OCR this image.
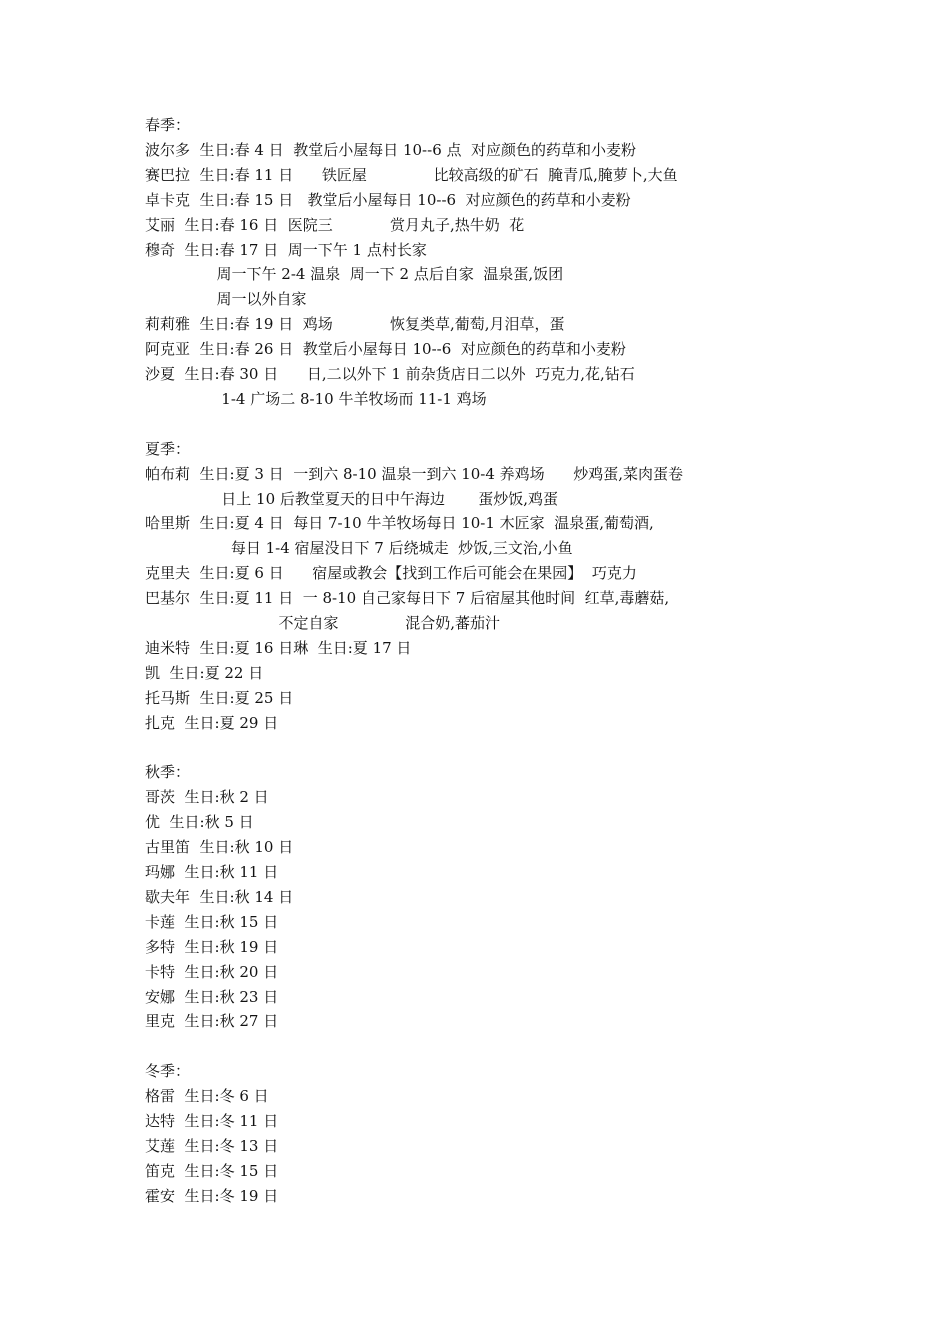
春季：
波尔多  生日:春 4 日  教堂后小屋每日 10--6 点  对应颜色的药草和小麦粉
赛巴拉  生日:春 11 日      铁匠屋              比较高级的矿石  腌青瓜,腌萝卜,大鱼
卓卡克  生日:春 15 日   教堂后小屋每日 10--6  对应颜色的药草和小麦粉
艾丽  生日:春 16 日  医院三            赏月丸子,热牛奶  花
穆奇  生日:春 17 日  周一下午 1 点村长家
周一下午 2-4 温泉  周一下 2 点后自家  温泉蛋,饭团
周一以外自家
莉莉雅  生日:春 19 日  鸡场            恢复类草,葡萄,月泪草，蛋
阿克亚  生日:春 26 日  教堂后小屋每日 10--6  对应颜色的药草和小麦粉
沙夏  生日:春 30 日      日,二以外下 1 前杂货店日二以外  巧克力,花,钻石
1-4 广场二 8-10 牛羊牧场而 11-1 鸡场
夏季：
帕布莉  生日:夏 3 日  一到六 8-10 温泉一到六 10-4 养鸡场      炒鸡蛋,菜肉蛋卷
日上 10 后教堂夏天的日中午海边       蛋炒饭,鸡蛋
哈里斯  生日:夏 4 日  每日 7-10 牛羊牧场每日 10-1 木匠家  温泉蛋,葡萄酒,
每日 1-4 宿屋没日下 7 后绕城走  炒饭,三文治,小鱼
克里夫  生日:夏 6 日      宿屋或教会【找到工作后可能会在果园】  巧克力
巴基尔  生日:夏 11 日  一 8-10 自己家每日下 7 后宿屋其他时间  红草,毒蘑菇,
不定自家              混合奶,蕃茄汁
迪米特  生日:夏 16 日琳  生日:夏 17 日
凯  生日:夏 22 日
托马斯  生日:夏 25 日
扎克  生日:夏 29 日
秋季：
哥茨  生日:秋 2 日
优  生日:秋 5 日
古里笛  生日:秋 10 日
玛娜  生日:秋 11 日
歇夫年  生日:秋 14 日
卡莲  生日:秋 15 日
多特  生日:秋 19 日
卡特  生日:秋 20 日
安娜  生日:秋 23 日
里克  生日:秋 27 日
冬季：
格雷  生日:冬 6 日
达特  生日:冬 11 日
艾莲  生日:冬 13 日
笛克  生日:冬 15 日
霍安  生日:冬 19 日
